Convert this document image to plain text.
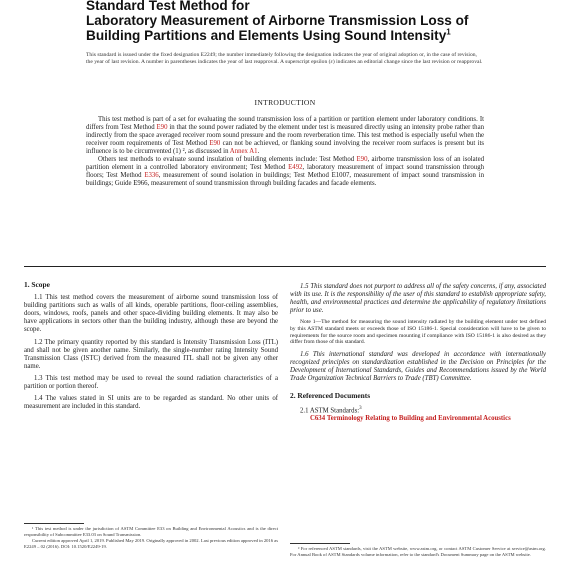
Standard Test Method for
Laboratory Measurement of Airborne Transmission Loss of
Building Partitions and Elements Using Sound Intensity$^1$
This standard is issued under the fixed designation E2249; the number immediately following the designation indicates the year of original adoption or, in the case of revision, the year of last revision. A number in parentheses indicates the year of last reapproval. A superscript epsilon (ε) indicates an editorial change since the last revision or reapproval.
INTRODUCTION

This test method is part of a set for evaluating the sound transmission loss of a partition or partition element under laboratory conditions. It differs from Test Method E90 in that the sound power radiated by the element under test is measured directly using an intensity probe rather than indirectly from the space averaged receiver room sound pressure and the room reverberation time. This test method is especially useful when the receiver room requirements of Test Method E90 can not be achieved, or flanking sound involving the receiver room surfaces is present but its influence is to be circumvented (1) ², as discussed in Annex A1.

Others test methods to evaluate sound insulation of building elements include: Test Method E90, airborne transmission loss of an isolated partition element in a controlled laboratory environment; Test Method E492, laboratory measurement of impact sound transmission through floors; Test Method E336, measurement of sound isolation in buildings; Test Method E1007, measurement of impact sound transmission in buildings; Guide E966, measurement of sound transmission through building facades and facade elements.

1. Scope

1.1 This test method covers the measurement of airborne sound transmission loss of building partitions such as walls of all kinds, operable partitions, floor-ceiling assemblies, doors, windows, roofs, panels and other space-dividing building elements. It may also be have applications in sectors other than the building industry, although these are beyond the scope.

1.2 The primary quantity reported by this standard is Intensity Transmission Loss (ITL) and shall not be given another name. Similarly, the single-number rating Intensity Sound Transmission Class (ISTC) derived from the measured ITL shall not be given any other name.

1.3 This test method may be used to reveal the sound radiation characteristics of a partition or portion thereof.

1.4 The values stated in SI units are to be regarded as standard. No other units of measurement are included in this standard.

1.5 This standard does not purport to address all of the safety concerns, if any, associated with its use. It is the responsibility of the user of this standard to establish appropriate safety, health, and environmental practices and determine the applicability of regulatory limitations prior to use.

Note 1—The method for measuring the sound intensity radiated by the building element under test defined by this ASTM standard meets or exceeds those of ISO 15186-1. Special consideration will have to be given to requirements for the source room and specimen mounting if compliance with ISO 15186-1 is also desired as they differ from those of this standard.

1.6 This international standard was developed in accordance with internationally recognized principles on standardization established in the Decision on Principles for the Development of International Standards, Guides and Recommendations issued by the World Trade Organization Technical Barriers to Trade (TBT) Committee.

2. Referenced Documents

2.1 ASTM Standards:$^3$

C634 Terminology Relating to Building and Environmental Acoustics

¹ This test method is under the jurisdiction of ASTM Committee E33 on Building and Environmental Acoustics and is the direct responsibility of Subcommittee E33.03 on Sound Transmission.

Current edition approved April 1, 2019. Published May 2019. Originally approved in 2002. Last previous edition approved in 2016 as E2249 – 02 (2016). DOI: 10.1520/E2249-19.	³ For referenced ASTM standards, visit the ASTM website, www.astm.org, or contact ASTM Customer Service at service@astm.org. For Annual Book of ASTM Standards volume information, refer to the standard's Document Summary page on the ASTM website.
